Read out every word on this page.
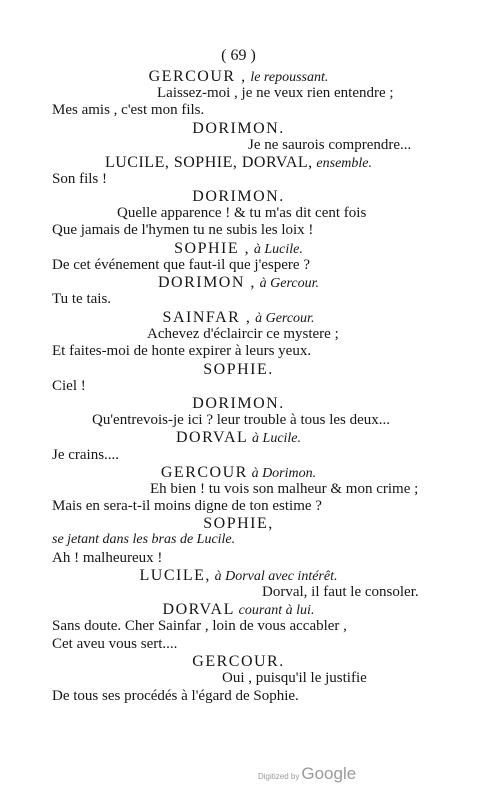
( 69 )
GERCOUR , le repoussant.
Laissez-moi , je ne veux rien entendre ;
Mes amis , c'est mon fils.
DORIMON.
Je ne saurois comprendre...
LUCILE, SOPHIE, DORVAL, ensemble.
Son fils !
DORIMON.
Quelle apparence ! & tu m'as dit cent fois
Que jamais de l'hymen tu ne subis les loix !
SOPHIE , à Lucile.
De cet événement que faut-il que j'espere ?
DORIMON , à Gercour.
Tu te tais.
SAINFAR , à Gercour.
Achevez d'éclaircir ce mystere ;
Et faites-moi de honte expirer à leurs yeux.
SOPHIE.
Ciel !
DORIMON.
Qu'entrevois-je ici ? leur trouble à tous les deux...
DORVAL à Lucile.
Je crains....
GERCOUR à Dorimon.
Eh bien ! tu vois son malheur & mon crime ;
Mais en sera-t-il moins digne de ton estime ?
SOPHIE,
se jetant dans les bras de Lucile.
Ah ! malheureux !
LUCILE, à Dorval avec intérêt.
Dorval, il faut le consoler.
DORVAL courant à lui.
Sans doute. Cher Sainfar , loin de vous accabler ,
Cet aveu vous sert....
GERCOUR.
Oui , puisqu'il le justifie
De tous ses procédés à l'égard de Sophie.
Digitized by Google
